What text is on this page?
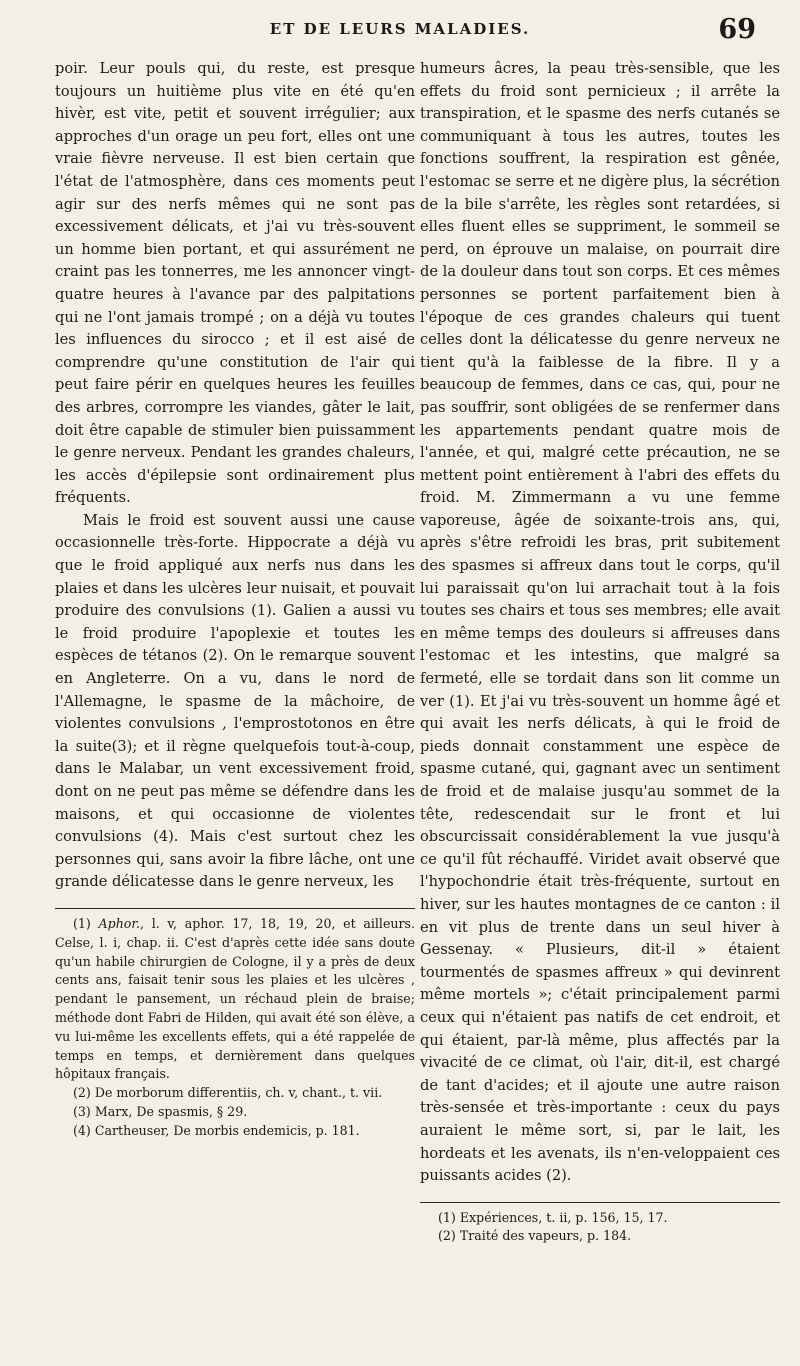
ET DE LEURS MALADIES.	69

poir. Leur pouls qui, du reste, est presque toujours un huitième plus vite en été qu'en hivèr, est vite, petit et souvent irrégulier; aux approches d'un orage un peu fort, elles ont une vraie fièvre nerveuse. Il est bien certain que l'état de l'atmosphère, dans ces moments peut agir sur des nerfs mêmes qui ne sont pas excessivement délicats, et j'ai vu très-souvent un homme bien portant, et qui assurément ne craint pas les tonnerres, me les annoncer vingt-quatre heures à l'avance par des palpitations qui ne l'ont jamais trompé ; on a déjà vu toutes les influences du sirocco ; et il est aisé de comprendre qu'une constitution de l'air qui peut faire périr en quelques heures les feuilles des arbres, corrompre les viandes, gâter le lait, doit être capable de stimuler bien puissamment le genre nerveux. Pendant les grandes chaleurs, les accès d'épilepsie sont ordinairement plus fréquents.

Mais le froid est souvent aussi une cause occasionnelle très-forte. Hippocrate a déjà vu que le froid appliqué aux nerfs nus dans les plaies et dans les ulcères leur nuisait, et pouvait produire des convulsions (1). Galien a aussi vu le froid produire l'apoplexie et toutes les espèces de tétanos (2). On le remarque souvent en Angleterre. On a vu, dans le nord de l'Allemagne, le spasme de la mâchoire, de violentes convulsions , l'emprostotonos en être la suite(3); et il règne quelquefois tout-à-coup, dans le Malabar, un vent excessivement froid, dont on ne peut pas même se défendre dans les maisons, et qui occasionne de violentes convulsions (4). Mais c'est surtout chez les personnes qui, sans avoir la fibre lâche, ont une grande délicatesse dans le genre nerveux, les

(1) Aphor., l. v, aphor. 17, 18, 19, 20, et ailleurs. Celse, l. i, chap. ii. C'est d'après cette idée sans doute qu'un habile chirurgien de Cologne, il y a près de deux cents ans, faisait tenir sous les plaies et les ulcères , pendant le pansement, un réchaud plein de braise; méthode dont Fabri de Hilden, qui avait été son élève, a vu lui-même les excellents effets, qui a été rappelée de temps en temps, et dernièrement dans quelques hôpitaux français.

(2) De morborum differentiis, ch. v, chant., t. vii.

(3) Marx, De spasmis, § 29.

(4) Cartheuser, De morbis endemicis, p. 181.

humeurs âcres, la peau très-sensible, que les effets du froid sont pernicieux ; il arrête la transpiration, et le spasme des nerfs cutanés se communiquant à tous les autres, toutes les fonctions souffrent, la respiration est gênée, l'estomac se serre et ne digère plus, la sécrétion de la bile s'arrête, les règles sont retardées, si elles fluent elles se suppriment, le sommeil se perd, on éprouve un malaise, on pourrait dire de la douleur dans tout son corps. Et ces mêmes personnes se portent parfaitement bien à l'époque de ces grandes chaleurs qui tuent celles dont la délicatesse du genre nerveux ne tient qu'à la faiblesse de la fibre. Il y a beaucoup de femmes, dans ce cas, qui, pour ne pas souffrir, sont obligées de se renfermer dans les appartements pendant quatre mois de l'année, et qui, malgré cette précaution, ne se mettent point entièrement à l'abri des effets du froid. M. Zimmermann a vu une femme vaporeuse, âgée de soixante-trois ans, qui, après s'être refroidi les bras, prit subitement des spasmes si affreux dans tout le corps, qu'il lui paraissait qu'on lui arrachait tout à la fois toutes ses chairs et tous ses membres; elle avait en même temps des douleurs si affreuses dans l'estomac et les intestins, que malgré sa fermeté, elle se tordait dans son lit comme un ver (1). Et j'ai vu très-souvent un homme âgé et qui avait les nerfs délicats, à qui le froid de pieds donnait constamment une espèce de spasme cutané, qui, gagnant avec un sentiment de froid et de malaise jusqu'au sommet de la tête, redescendait sur le front et lui obscurcissait considérablement la vue jusqu'à ce qu'il fût réchauffé. Viridet avait observé que l'hypochondrie était très-fréquente, surtout en hiver, sur les hautes montagnes de ce canton : il en vit plus de trente dans un seul hiver à Gessenay. « Plusieurs, dit-il » étaient tourmentés de spasmes affreux » qui devinrent même mortels »; c'était principalement parmi ceux qui n'étaient pas natifs de cet endroit, et qui étaient, par-là même, plus affectés par la vivacité de ce climat, où l'air, dit-il, est chargé de tant d'acides; et il ajoute une autre raison très-sensée et très-importante : ceux du pays auraient le même sort, si, par le lait, les hordeats et les avenats, ils n'en-veloppaient ces puissants acides (2).

(1) Expériences, t. ii, p. 156, 15, 17.

(2) Traité des vapeurs, p. 184.
